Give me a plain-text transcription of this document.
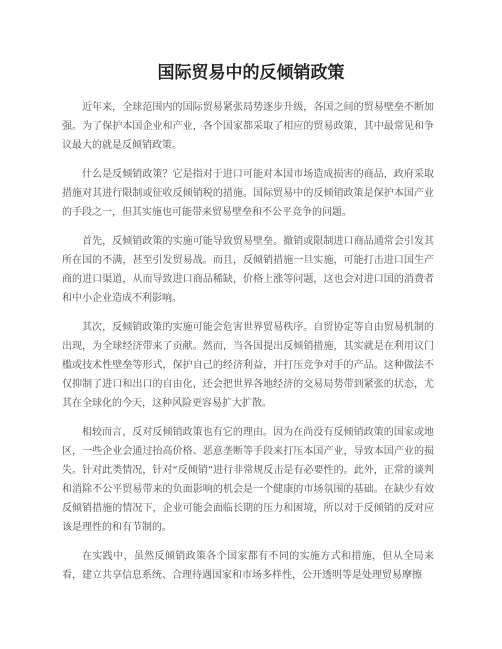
国际贸易中的反倾销政策

近年来，全球范围内的国际贸易紧张局势逐步升级，各国之间的贸易壁垒不断加强。为了保护本国企业和产业，各个国家都采取了相应的贸易政策，其中最常见和争议最大的就是反倾销政策。

什么是反倾销政策？它是指对于进口可能对本国市场造成损害的商品，政府采取措施对其进行限制或征收反倾销税的措施。国际贸易中的反倾销政策是保护本国产业的手段之一，但其实施也可能带来贸易壁垒和不公平竞争的问题。

首先，反倾销政策的实施可能导致贸易壁垒。撤销或限制进口商品通常会引发其所在国的不满，甚至引发贸易战。而且，反倾销措施一旦实施，可能打击进口国生产商的进口渠道，从而导致进口商品稀缺，价格上涨等问题，这也会对进口国的消费者和中小企业造成不利影响。

其次，反倾销政策的实施可能会危害世界贸易秩序。自贸协定等自由贸易机制的出现，为全球经济带来了贡献。然而，当各国提出反倾销措施，其实就是在利用议门槛或技术性壁垒等形式，保护自己的经济利益，并打压竞争对手的产品。这种做法不仅抑制了进口和出口的自由化，还会把世界各地经济的交易局势带到紧张的状态，尤其在全球化的今天，这种风险更容易扩大扩散。

相较而言，反对反倾销政策也有它的理由。因为在尚没有反倾销政策的国家或地区，一些企业会通过抬高价格、恶意垄断等手段来打压本国产业，导致本国产业的损失。针对此类情况，针对“反倾销”进行非常规反击是有必要性的。此外，正常的谈判和消除不公平贸易带来的负面影响的机会是一个健康的市场氛围的基础。在缺少有效反倾销措施的情况下，企业可能会面临长期的压力和困境，所以对于反倾销的反对应该是理性的和有节制的。

在实践中，虽然反倾销政策各个国家都有不同的实施方式和措施，但从全局来看，建立共享信息系统、合理待遇国家和市场多样性，公开透明等是处理贸易摩擦
